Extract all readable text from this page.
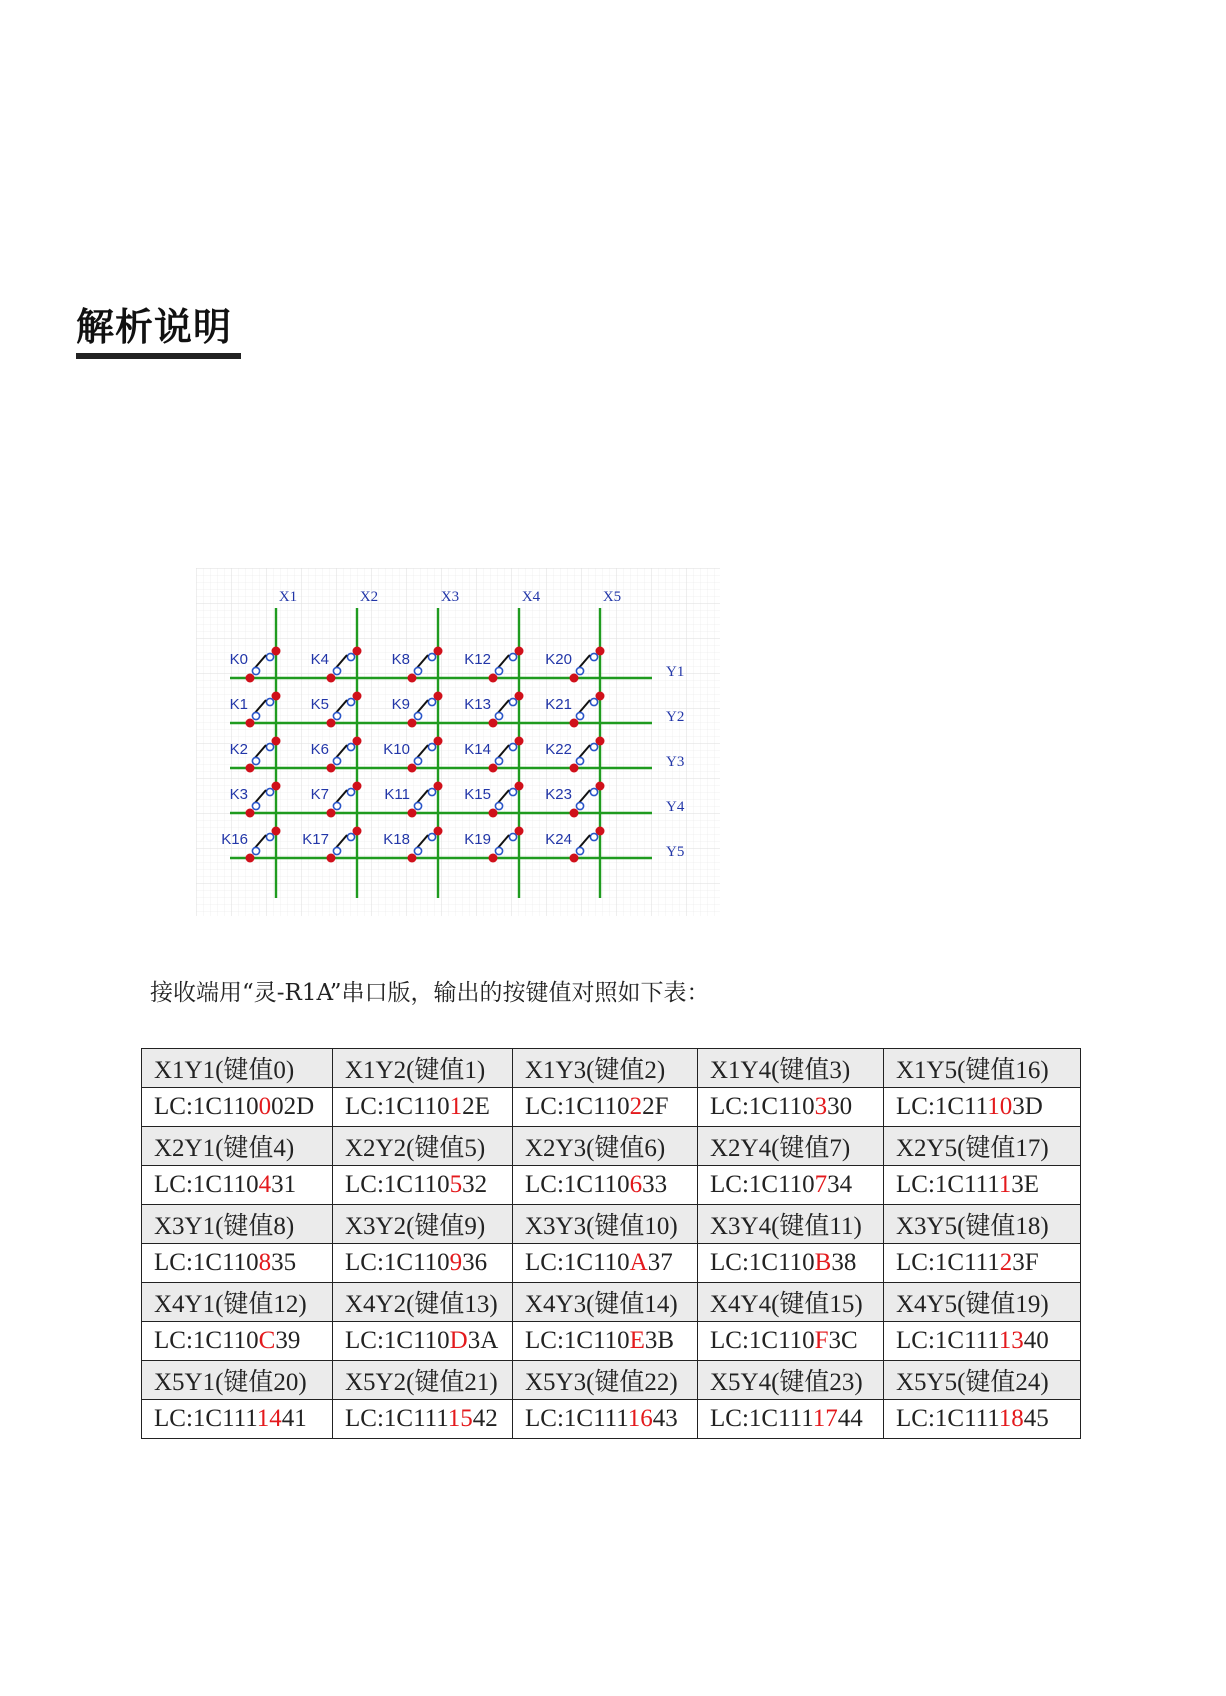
解析说明
K0	K4	K8	K12	K20
K1	K5	K9	K13	K21
K2	K6	K10	K14	K22
K3	K7	K11	K15	K23
K16	K17	K18	K19	K24
X1	X2	X3	X4	X5
Y1
Y2
Y3
Y4
Y5
接收端用“灵-R1A”串口版，输出的按键值对照如下表：
X1Y1(键值0)	X1Y2(键值1)	X1Y3(键值2)	X1Y4(键值3)	X1Y5(键值16)
LC:1C110002D	LC:1C11012E	LC:1C11022F	LC:1C110330	LC:1C11103D
X2Y1(键值4)	X2Y2(键值5)	X2Y3(键值6)	X2Y4(键值7)	X2Y5(键值17)
LC:1C110431	LC:1C110532	LC:1C110633	LC:1C110734	LC:1C11113E
X3Y1(键值8)	X3Y2(键值9)	X3Y3(键值10)	X3Y4(键值11)	X3Y5(键值18)
LC:1C110835	LC:1C110936	LC:1C110A37	LC:1C110B38	LC:1C11123F
X4Y1(键值12)	X4Y2(键值13)	X4Y3(键值14)	X4Y4(键值15)	X4Y5(键值19)
LC:1C110C39	LC:1C110D3A	LC:1C110E3B	LC:1C110F3C	LC:1C1111340
X5Y1(键值20)	X5Y2(键值21)	X5Y3(键值22)	X5Y4(键值23)	X5Y5(键值24)
LC:1C1111441	LC:1C1111542	LC:1C1111643	LC:1C1111744	LC:1C1111845
